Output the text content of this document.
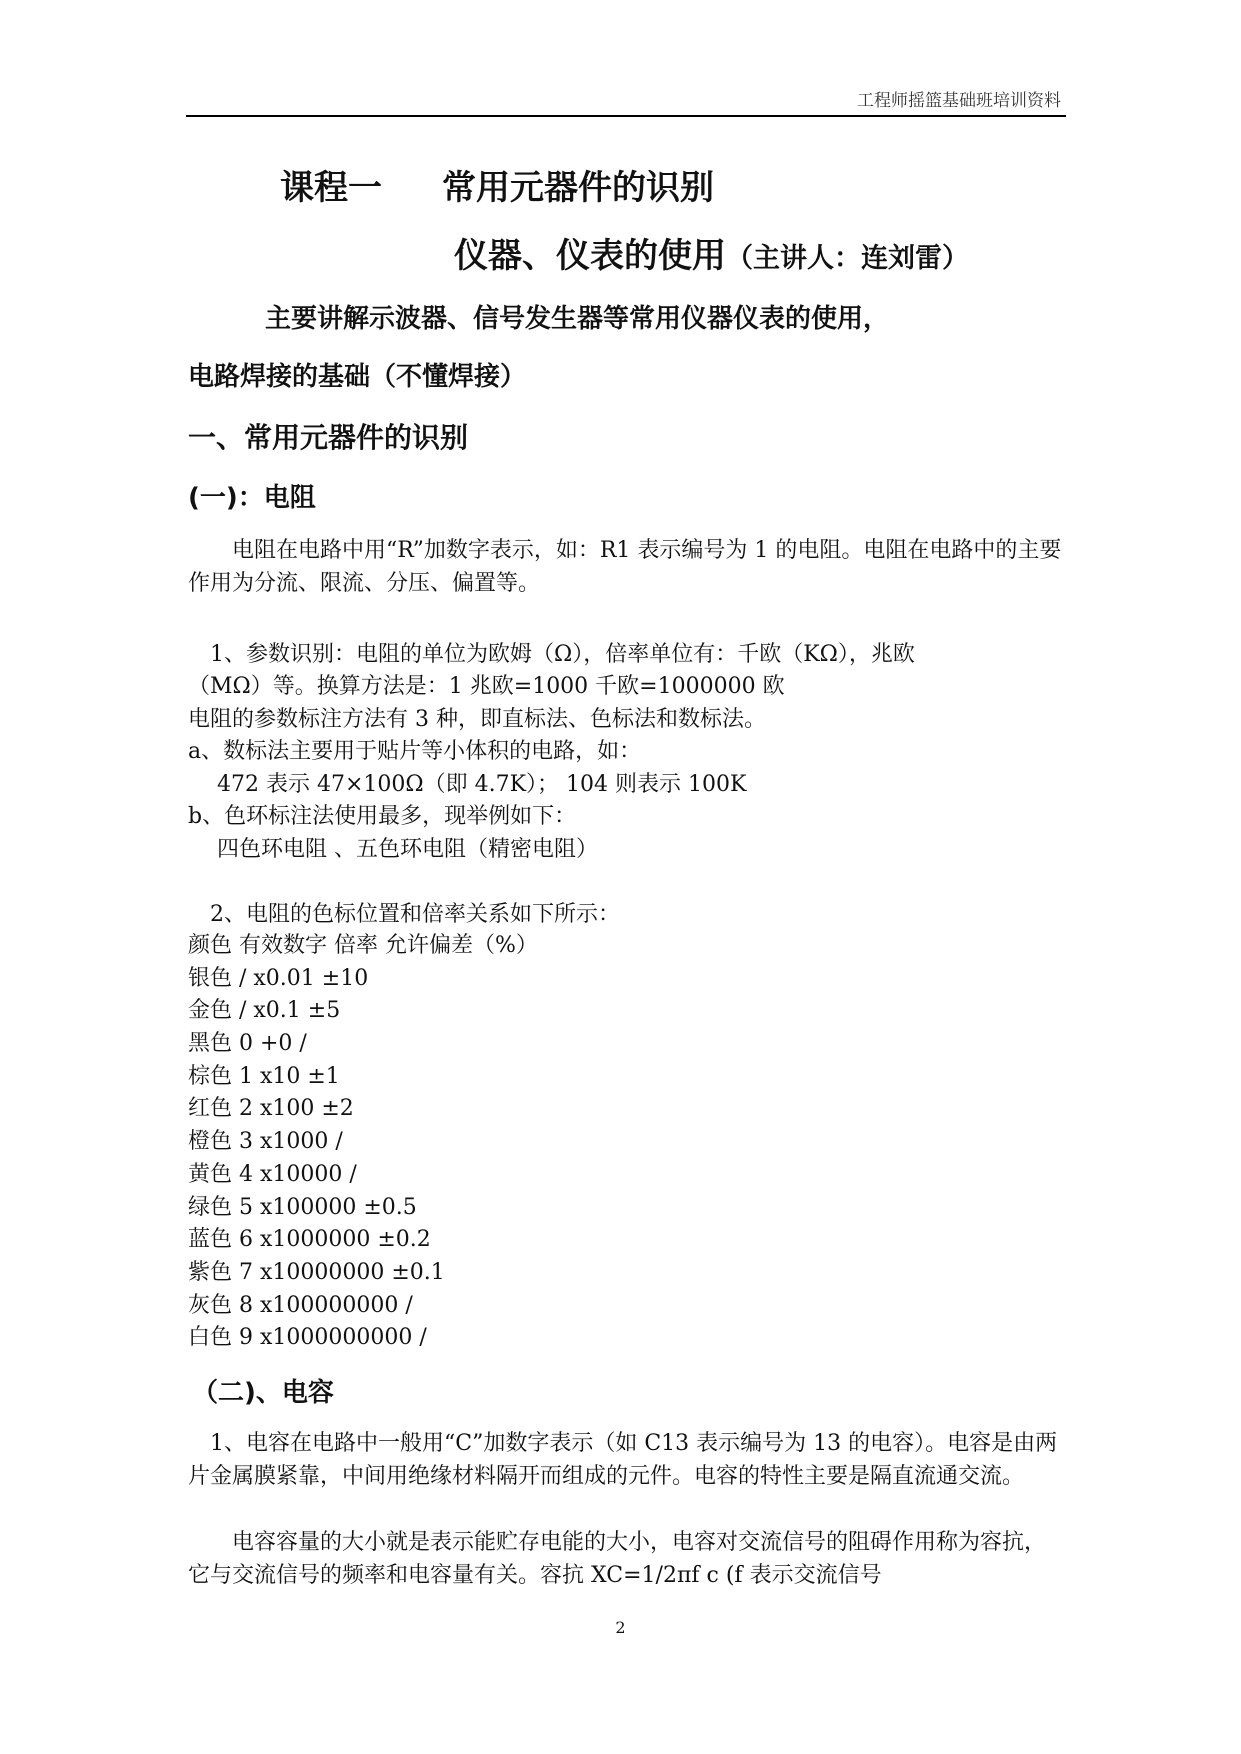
工程师摇篮基础班培训资料
课程一 常用元器件的识别
仪器、仪表的使用（主讲人：连刘雷）
主要讲解示波器、信号发生器等常用仪器仪表的使用，
电路焊接的基础（不懂焊接）
一、常用元器件的识别
(一)：电阻
　　电阻在电路中用“R”加数字表示，如：R1 表示编号为 1 的电阻。电阻在电路中的主要作用为分流、限流、分压、偏置等。
　1、参数识别：电阻的单位为欧姆（Ω），倍率单位有：千欧（KΩ），兆欧
（MΩ）等。换算方法是：1 兆欧=1000 千欧=1000000 欧
电阻的参数标注方法有 3 种，即直标法、色标法和数标法。
a、数标法主要用于贴片等小体积的电路，如：
　 472 表示 47×100Ω（即 4.7K）； 104 则表示 100K
b、色环标注法使用最多，现举例如下：
　 四色环电阻 、五色环电阻（精密电阻）
　2、电阻的色标位置和倍率关系如下所示：
颜色 有效数字 倍率 允许偏差（%）
银色 / x0.01 ±10
金色 / x0.1 ±5
黑色 0 +0 /
棕色 1 x10 ±1
红色 2 x100 ±2
橙色 3 x1000 /
黄色 4 x10000 /
绿色 5 x100000 ±0.5
蓝色 6 x1000000 ±0.2
紫色 7 x10000000 ±0.1
灰色 8 x100000000 /
白色 9 x1000000000 /
（二)、电容
　1、电容在电路中一般用“C”加数字表示（如 C13 表示编号为 13 的电容）。电容是由两片金属膜紧靠，中间用绝缘材料隔开而组成的元件。电容的特性主要是隔直流通交流。
　　电容容量的大小就是表示能贮存电能的大小，电容对交流信号的阻碍作用称为容抗，它与交流信号的频率和电容量有关。容抗 XC=1/2πf c (f 表示交流信号
2
